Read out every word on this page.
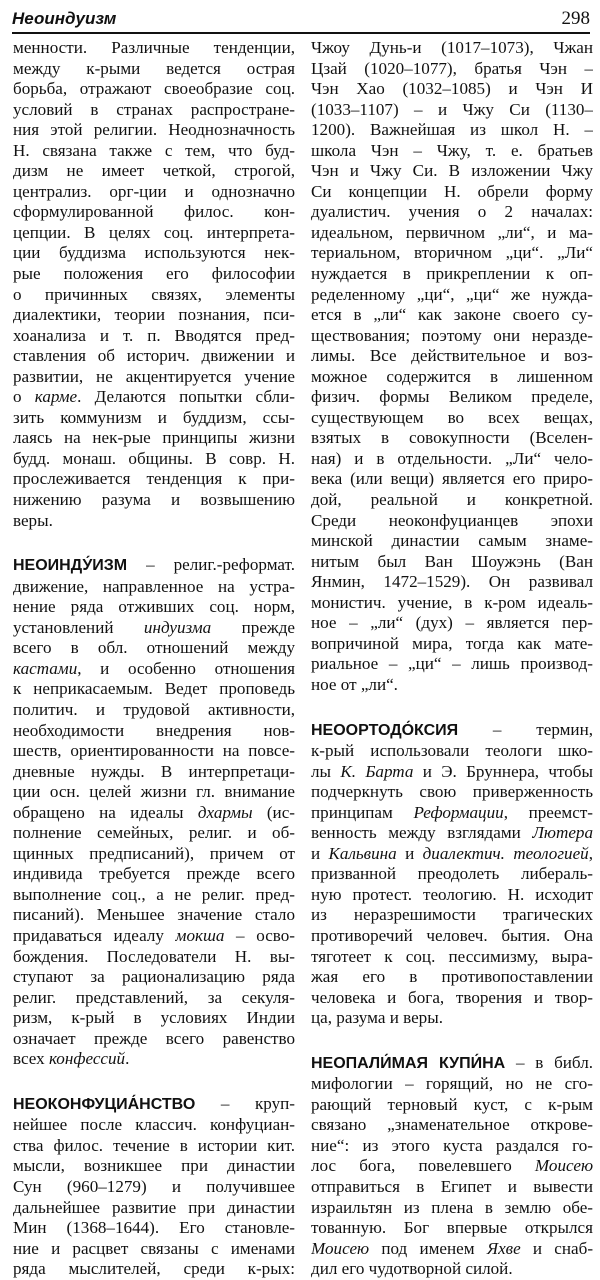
Неоиндуизм	298
менности. Различные тенденции,
между к-рыми ведется острая
борьба, отражают своеобразие соц.
условий в странах распростране-
ния этой религии. Неоднозначность
Н. связана также с тем, что буд-
дизм не имеет четкой, строгой,
централиз. орг-ции и однозначно
сформулированной филос. кон-
цепции. В целях соц. интерпрета-
ции буддизма используются нек-
рые положения его философии
о причинных связях, элементы
диалектики, теории познания, пси-
хоанализа и т. п. Вводятся пред-
ставления об историч. движении и
развитии, не акцентируется учение
о карме. Делаются попытки сбли-
зить коммунизм и буддизм, ссы-
лаясь на нек-рые принципы жизни
будд. монаш. общины. В совр. Н.
прослеживается тенденция к при-
нижению разума и возвышению
веры.
НЕОИНДУ́ИЗМ – религ.-реформат.
движение, направленное на устра-
нение ряда отживших соц. норм,
установлений индуизма прежде
всего в обл. отношений между
кастами, и особенно отношения
к неприкасаемым. Ведет проповедь
политич. и трудовой активности,
необходимости внедрения нов-
шеств, ориентированности на повсе-
дневные нужды. В интерпретаци-
ции осн. целей жизни гл. внимание
обращено на идеалы дхармы (ис-
полнение семейных, религ. и об-
щинных предписаний), причем от
индивида требуется прежде всего
выполнение соц., а не религ. пред-
писаний). Меньшее значение стало
придаваться идеалу мокша – осво-
бождения. Последователи Н. вы-
ступают за рационализацию ряда
религ. представлений, за секуля-
ризм, к-рый в условиях Индии
означает прежде всего равенство
всех конфессий.
НЕОКОНФУЦИА́НСТВО – круп-
нейшее после классич. конфуциан-
ства филос. течение в истории кит.
мысли, возникшее при династии
Сун (960–1279) и получившее
дальнейшее развитие при династии
Мин (1368–1644). Его становле-
ние и расцвет связаны с именами
ряда мыслителей, среди к-рых:
Чжоу Дунь-и (1017–1073), Чжан
Цзай (1020–1077), братья Чэн –
Чэн Хао (1032–1085) и Чэн И
(1033–1107) – и Чжу Си (1130–
1200). Важнейшая из школ Н. –
школа Чэн – Чжу, т. е. братьев
Чэн и Чжу Си. В изложении Чжу
Си концепции Н. обрели форму
дуалистич. учения о 2 началах:
идеальном, первичном „ли“, и ма-
териальном, вторичном „ци“. „Ли“
нуждается в прикреплении к оп-
ределенному „ци“, „ци“ же нужда-
ется в „ли“ как законе своего су-
ществования; поэтому они неразде-
лимы. Все действительное и воз-
можное содержится в лишенном
физич. формы Великом пределе,
существующем во всех вещах,
взятых в совокупности (Вселен-
ная) и в отдельности. „Ли“ чело-
века (или вещи) является его приро-
дой, реальной и конкретной.
Среди неоконфуцианцев эпохи
минской династии самым знаме-
нитым был Ван Шоужэнь (Ван
Янмин, 1472–1529). Он развивал
монистич. учение, в к-ром идеаль-
ное – „ли“ (дух) – является пер-
вопричиной мира, тогда как мате-
риальное – „ци“ – лишь производ-
ное от „ли“.
НЕООРТОДО́КСИЯ – термин,
к-рый использовали теологи шко-
лы К. Барта и Э. Бруннера, чтобы
подчеркнуть свою приверженность
принципам Реформации, преемст-
венность между взглядами Лютера
и Кальвина и диалектич. теологией,
призванной преодолеть либераль-
ную протест. теологию. Н. исходит
из неразрешимости трагических
противоречий человеч. бытия. Она
тяготеет к соц. пессимизму, выра-
жая его в противопоставлении
человека и бога, творения и твор-
ца, разума и веры.
НЕОПАЛИ́МАЯ КУПИ́НА – в библ.
мифологии – горящий, но не сго-
рающий терновый куст, с к-рым
связано „знаменательное открове-
ние“: из этого куста раздался го-
лос бога, повелевшего Моисею
отправиться в Египет и вывести
израильтян из плена в землю обе-
тованную. Бог впервые открылся
Моисею под именем Яхве и снаб-
дил его чудотворной силой.
